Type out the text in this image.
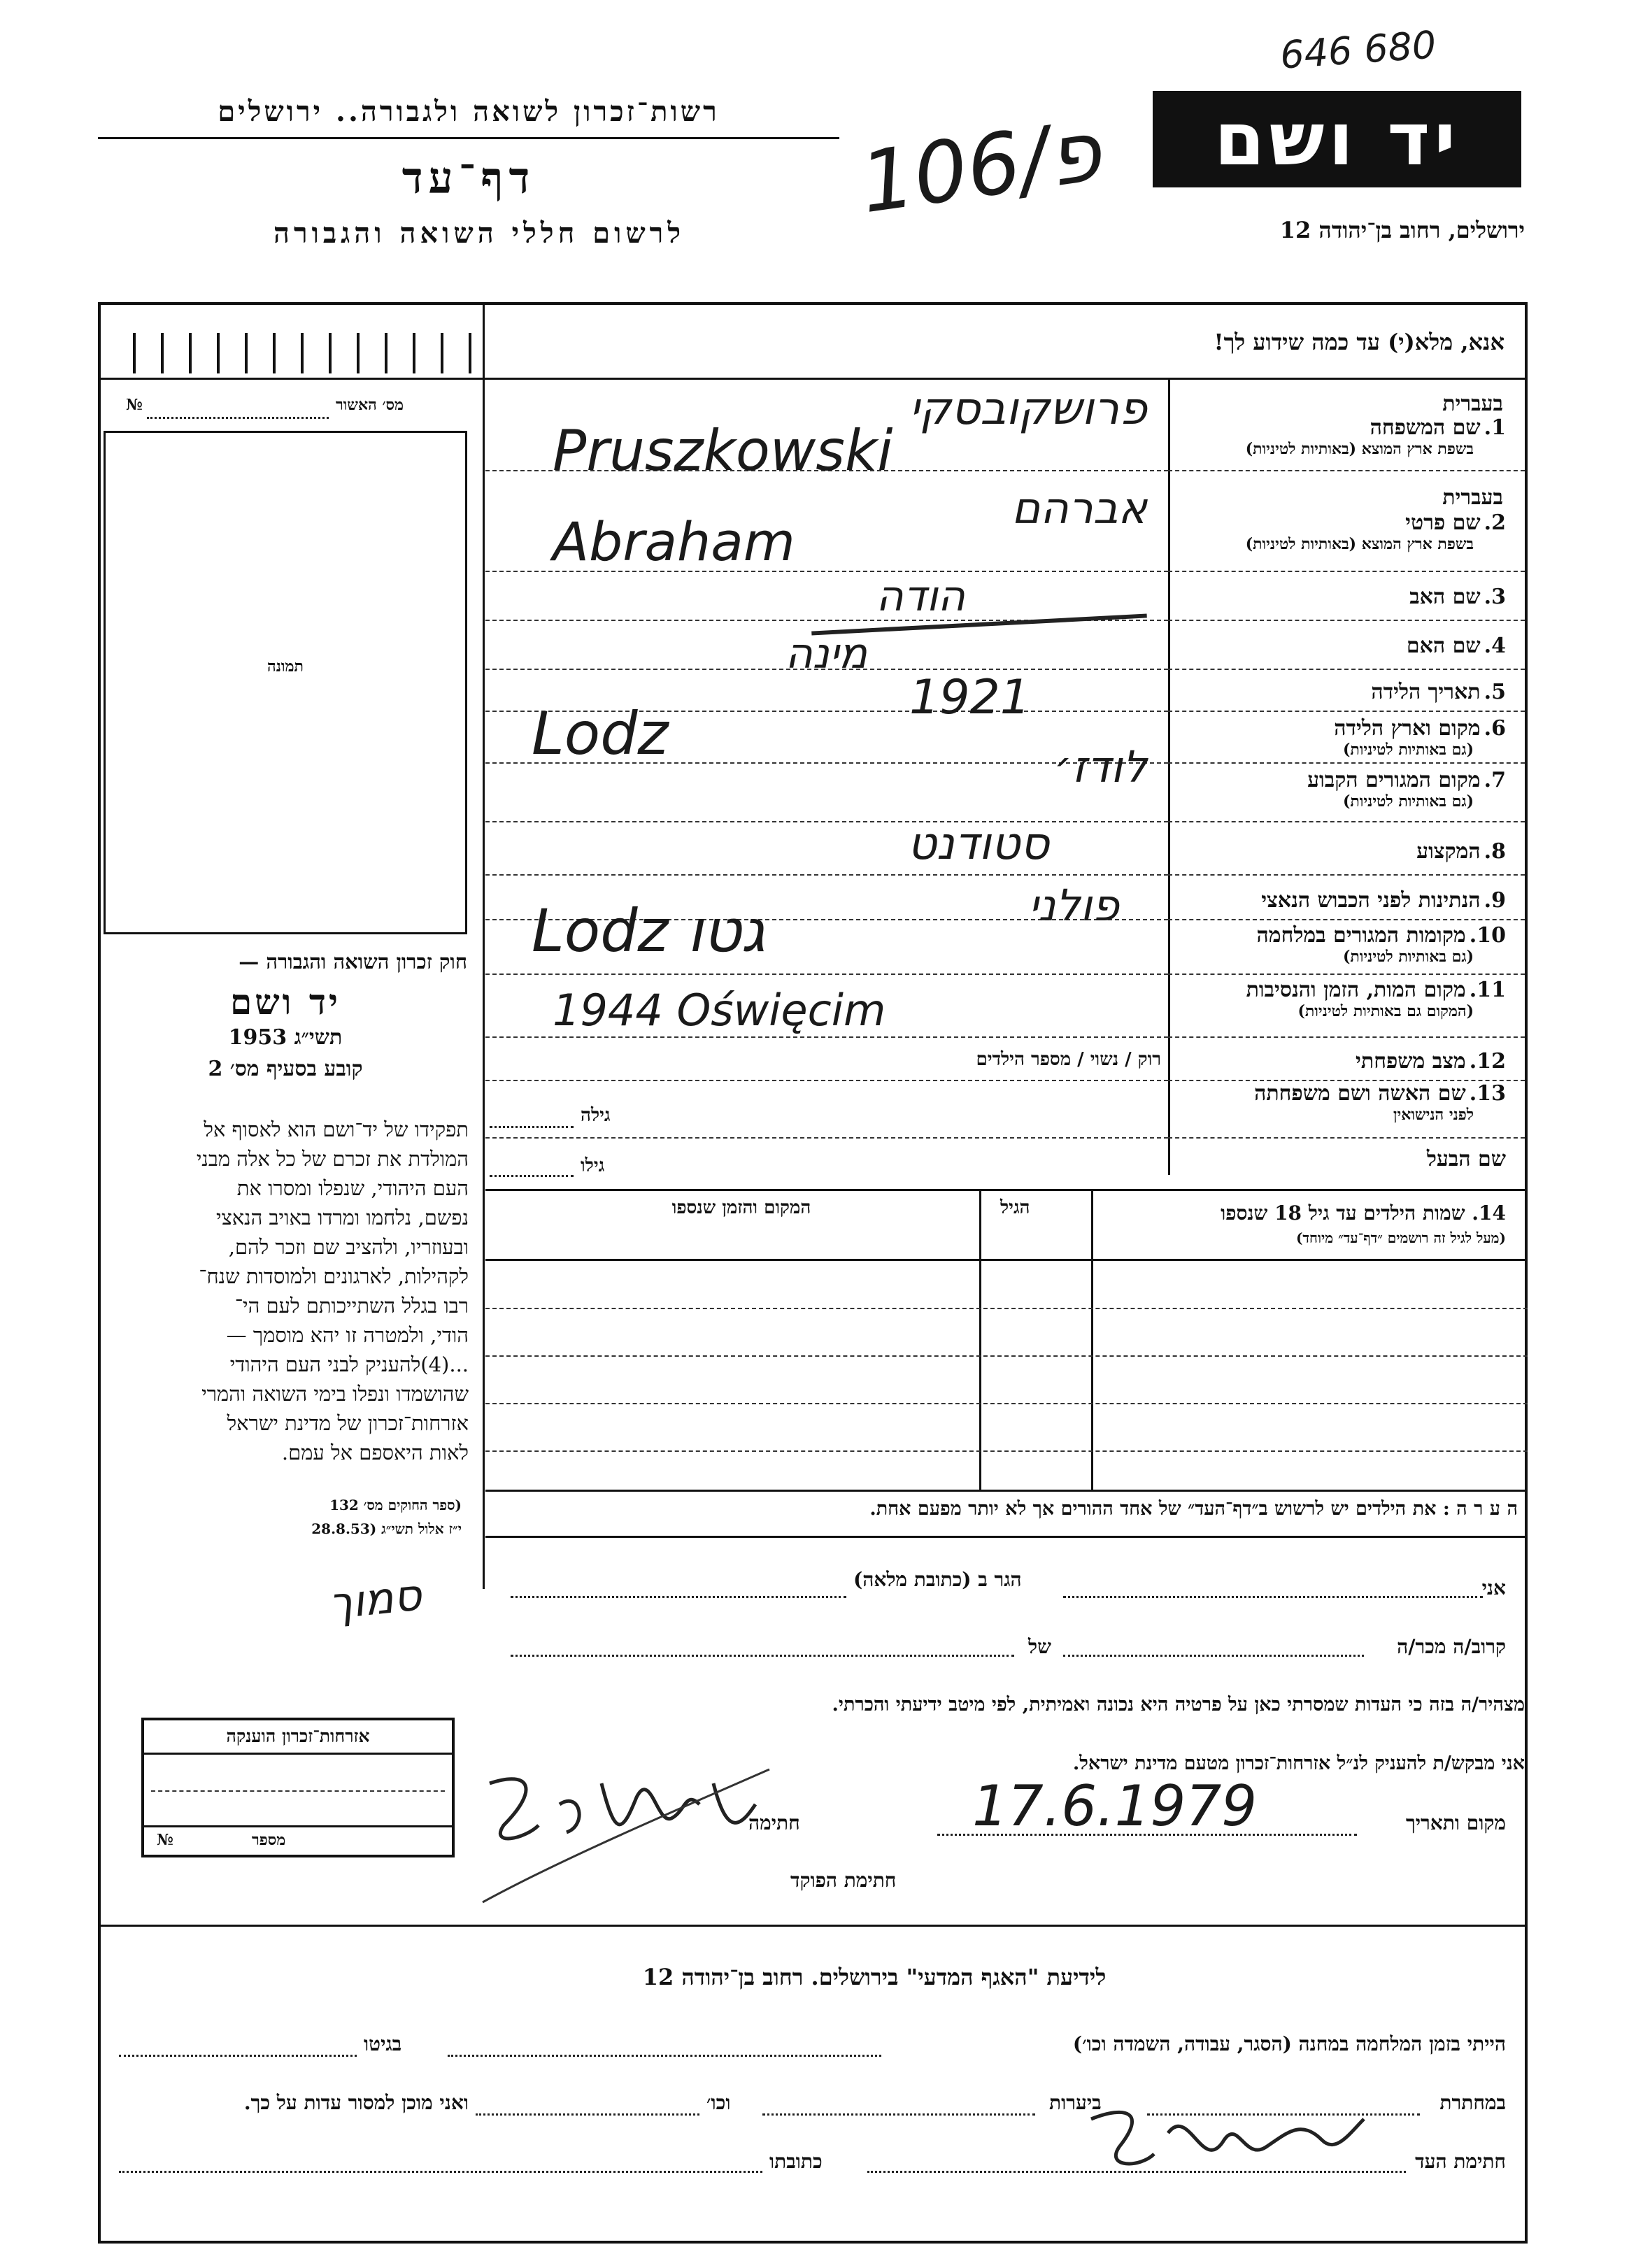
646 680
רשות־זכרון לשואה ולגבורה.. ירושלים
דף־עד
לרשום חללי השואה והגבורה
פ/106	יד ושם
ירושלים, רחוב בן־יהודה 12
אנא, מלא(י) עד כמה שידוע לך!
מס׳ האשור
№
תמונה
חוק זכרון השואה והגבורה —
יד ושם
תשי״ג 1953
קובע בסעיף מס׳ 2
תפקידו של יד־ושם הוא לאסוף אל
המולדת את זכרם של כל אלה מבני
העם היהודי, שנפלו ומסרו את
נפשם, נלחמו ומרדו באויב הנאצי
ובעוזריו, ולהציב שם וזכר להם,
לקהילות, לארגונים ולמוסדות שנח־
רבו בגלל השתייכותם לעם הי־
הודי, ולמטרה זו יהא מוסמך —
...(4)להעניק לבני העם היהודי
שהושמדו ונפלו בימי השואה והמרי
אזרחות־זכרון של מדינת ישראל
לאות היאספם אל עמם.
(ספר החוקים מס׳ 132
י״ז אלול תשי״ג (28.8.53
בעברית
1. שם המשפחה
בשפת ארץ המוצא (באותיות לטיניות)
בעברית
2. שם פרטי
בשפת ארץ המוצא (באותיות לטיניות)
3. שם האב
4. שם האם
5. תאריך הלידה
6. מקום וארץ הלידה
(גם באותיות לטיניות)
7. מקום המגורים הקבוע
(גם באותיות לטיניות)
8. המקצוע
9. הנתינות לפני הכבוש הנאצי
10. מקומות המגורים במלחמה
(גם באותיות לטיניות)
11. מקום המות, הזמן והנסיבות
(המקום גם באותיות לטיניות)
12. מצב משפחתי
13. שם האשה ושם משפחתה
לפני הנישואין
שם הבעל
פרושקובסקי
Pruszkowski
אברהם
Abraham
הודה
מינה
1921
Lodz	לודז׳
סטודנט
פולני
Lodz גטו
1944 Oświęcim
רוק / נשוי / מספר הילדים
גילה
גילו
14. שמות הילדים עד גיל 18 שנספו
(מעל לגיל זה רושמים ״דף־עד״ מיוחד)
הגיל
המקום והזמן שנספו
ה ע ר ה : את הילדים יש לרשוש ב״דף־העד״ של אחד ההורים אך לא יותר מפעם אחת.
אני
הגר ב (כתובת מלאה)
קרוב/ה מכר/ה
של
מצהיר/ה בזה כי העדות שמסרתי כאן על פרטיה היא נכונה ואמיתית, לפי מיטב ידיעתי והכרתי.
אני מבקש/ת להעניק לנ״ל אזרחות־זכרון מטעם מדינת ישראל.
מקום ותאריך
17.6.1979
חתימה
חתימת הפוקד
סמוך
אזרחות־זכרון הוענקה
מספר
№
לידיעת "האגף המדעי" בירושלים. רחוב בן־יהודה 12
הייתי בזמן המלחמה במחנה (הסגר, עבודה, השמדה וכו׳)
בגיטו
במחתרת
ביערות
וכו׳
ואני מוכן למסור עדות על כך.
חתימת העד
כתובתו
